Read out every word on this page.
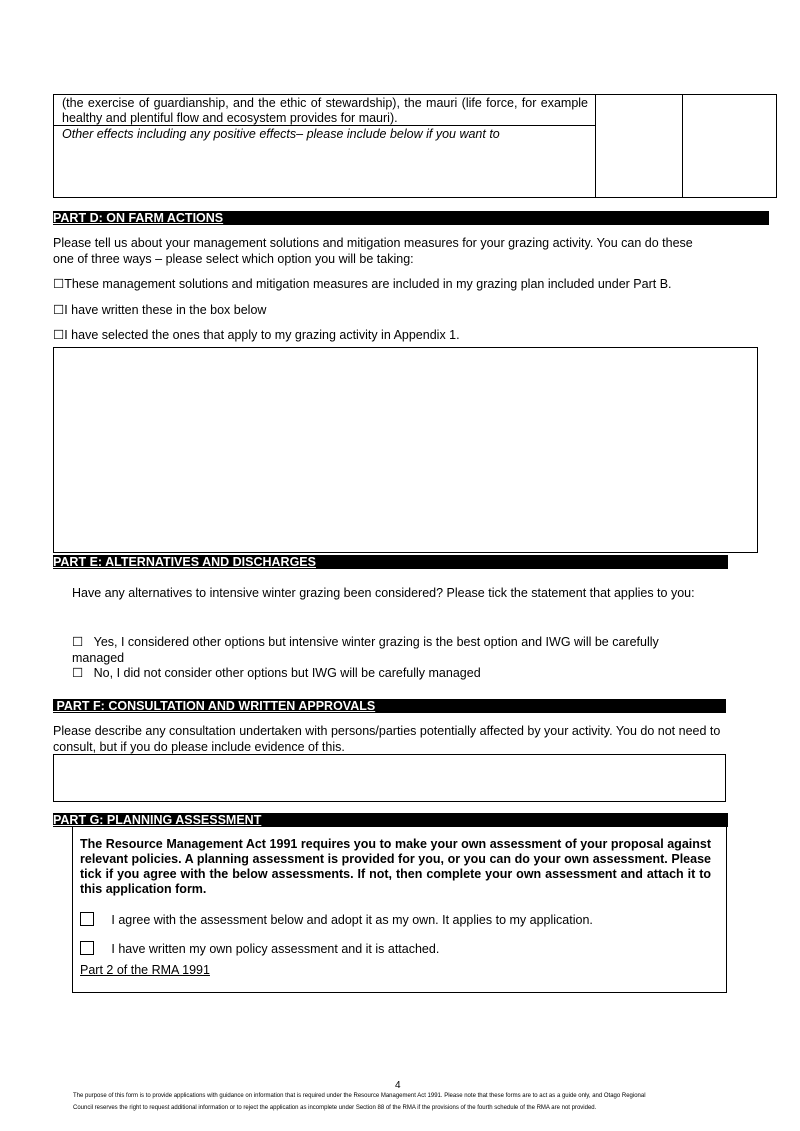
(the exercise of guardianship, and the ethic of stewardship), the mauri (life force, for example healthy and plentiful flow and ecosystem provides for mauri).
Other effects including any positive effects– please include below if you want to
PART D: ON FARM ACTIONS
Please tell us about your management solutions and mitigation measures for your grazing activity. You can do these one of three ways – please select which option you will be taking:
☐These management solutions and mitigation measures are included in my grazing plan included under Part B.
☐I have written these in the box below
☐I have selected the ones that apply to my grazing activity in Appendix 1.
PART E: ALTERNATIVES AND DISCHARGES
Have any alternatives to intensive winter grazing been considered? Please tick the statement that applies to you:
☐ Yes, I considered other options but intensive winter grazing is the best option and IWG will be carefully managed
☐ No, I did not consider other options but IWG will be carefully managed
PART F: CONSULTATION AND WRITTEN APPROVALS
Please describe any consultation undertaken with persons/parties potentially affected by your activity. You do not need to consult, but if you do please include evidence of this.
PART G: PLANNING ASSESSMENT
The Resource Management Act 1991 requires you to make your own assessment of your proposal against relevant policies. A planning assessment is provided for you, or you can do your own assessment. Please tick if you agree with the below assessments. If not, then complete your own assessment and attach it to this application form.
I agree with the assessment below and adopt it as my own. It applies to my application.
I have written my own policy assessment and it is attached.
Part 2 of the RMA 1991
4
The purpose of this form is to provide applications with guidance on information that is required under the Resource Management Act 1991. Please note that these forms are to act as a guide only, and Otago Regional
Council reserves the right to request additional information or to reject the application as incomplete under Section 88 of the RMA if the provisions of the fourth schedule of the RMA are not provided.
